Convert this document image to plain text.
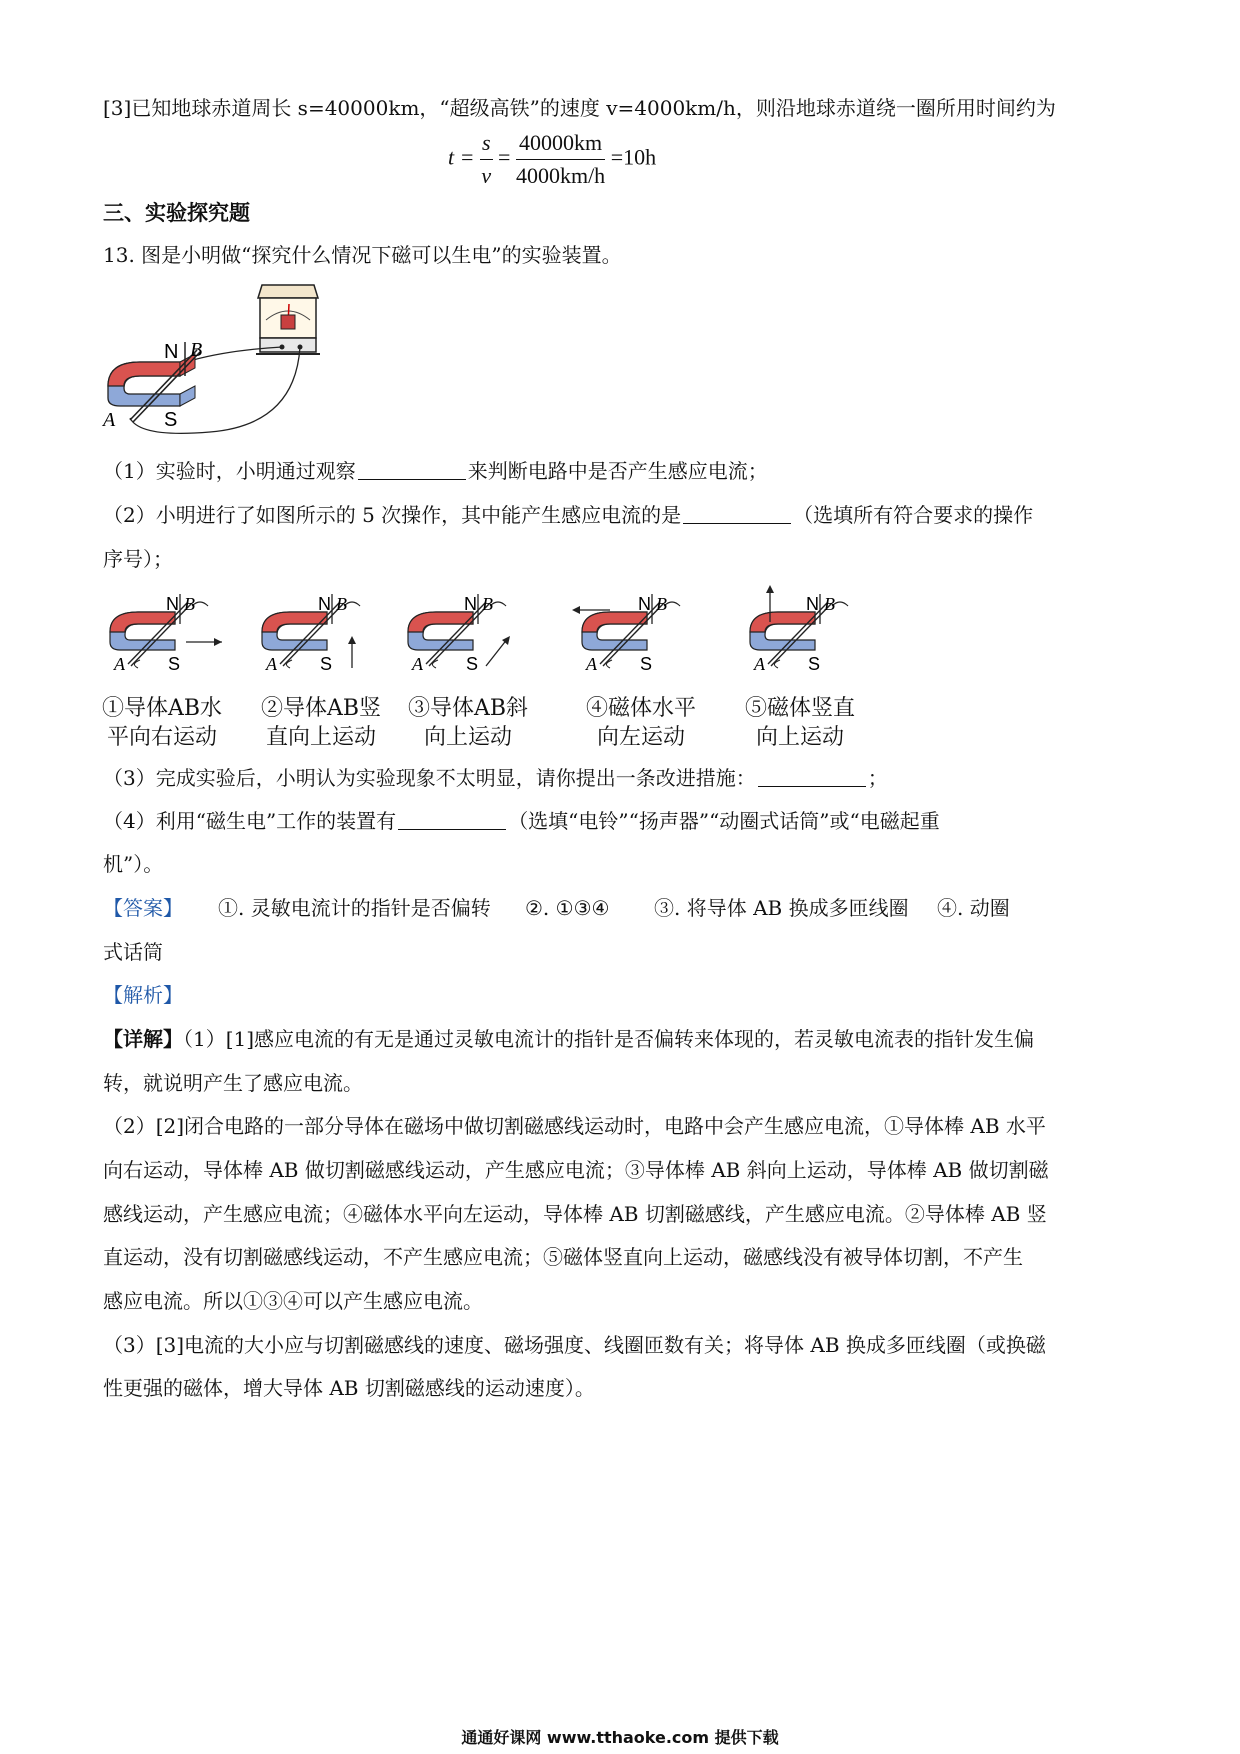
[3]已知地球赤道周长 s=40000km，“超级高铁”的速度 v=4000km/h，则沿地球赤道绕一圈所用时间约为
$t = \frac{s}{v} = \frac{40000km}{4000km/h} =10h$
三、实验探究题
13. 图是小明做“探究什么情况下磁可以生电”的实验装置。
N B
A S
（1）实验时，小明通过观察	来判断电路中是否产生感应电流；
（2）小明进行了如图所示的 5 次操作，其中能产生感应电流的是	（选填所有符合要求的操作
序号）；
①导体AB水
平向右运动
②导体AB竖
直向上运动
③导体AB斜
向上运动
④磁体水平
向左运动
⑤磁体竖直
向上运动
（3）完成实验后，小明认为实验现象不太明显，请你提出一条改进措施：	；
（4）利用“磁生电”工作的装置有	（选填“电铃”“扬声器”“动圈式话筒”或“电磁起重
机”）。
【答案】 ①. 灵敏电流计的指针是否偏转 ②. ①③④ ③. 将导体 AB 换成多匝线圈 ④. 动圈
式话筒
【解析】
【详解】（1）[1]感应电流的有无是通过灵敏电流计的指针是否偏转来体现的，若灵敏电流表的指针发生偏
转，就说明产生了感应电流。
（2）[2]闭合电路的一部分导体在磁场中做切割磁感线运动时，电路中会产生感应电流，①导体棒 AB 水平
向右运动，导体棒 AB 做切割磁感线运动，产生感应电流；③导体棒 AB 斜向上运动，导体棒 AB 做切割磁
感线运动，产生感应电流；④磁体水平向左运动，导体棒 AB 切割磁感线，产生感应电流。②导体棒 AB 竖
直运动，没有切割磁感线运动，不产生感应电流；⑤磁体竖直向上运动，磁感线没有被导体切割，不产生
感应电流。所以①③④可以产生感应电流。
（3）[3]电流的大小应与切割磁感线的速度、磁场强度、线圈匝数有关；将导体 AB 换成多匝线圈（或换磁
性更强的磁体，增大导体 AB 切割磁感线的运动速度）。
通通好课网 www.tthaoke.com 提供下载
